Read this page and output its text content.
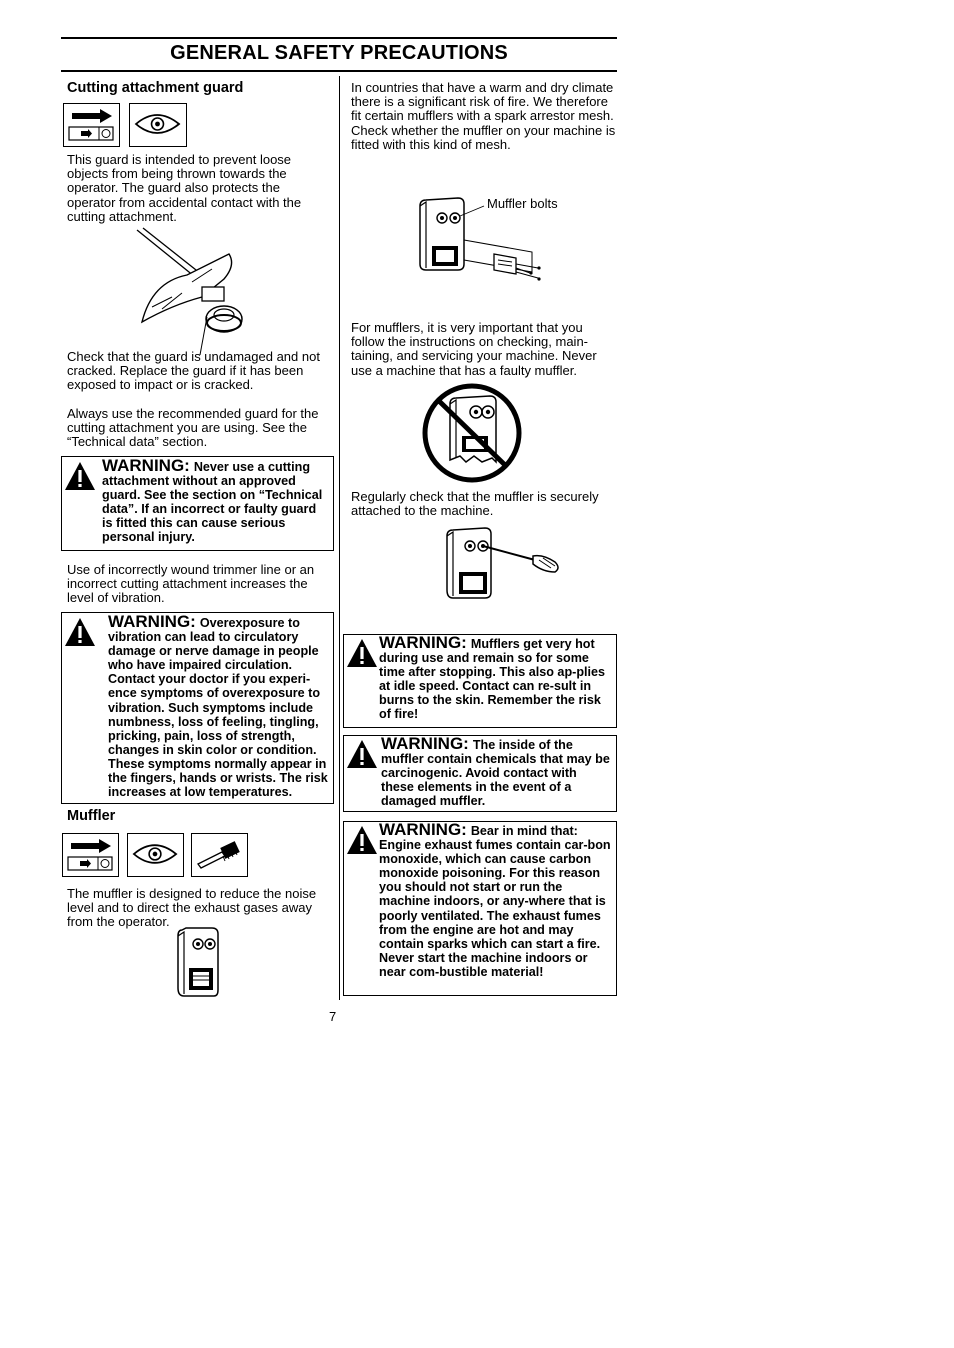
GENERAL SAFETY PRECAUTIONS
Cutting attachment guard
This guard is intended to prevent loose objects from being thrown towards the operator. The guard also protects the operator from accidental contact with the cutting attachment.
Check that the guard is undamaged and not cracked. Replace the guard if it has been exposed to impact or is cracked.
Always use the recommended guard for the cutting attachment you are using. See the “Technical data” section.
WARNING: Never use a cutting attachment without an approved guard. See the section on “Technical data”. If an incorrect or faulty guard is fitted this can cause serious personal injury.
Use of incorrectly wound trimmer line or an incorrect cutting attachment increases the level of vibration.
WARNING: Overexposure to vibration can lead to circulatory damage or nerve damage in people who have impaired circulation. Contact your doctor if you experi-ence symptoms of overexposure to vibration. Such symptoms include numbness, loss of feeling, tingling, pricking, pain, loss of strength, changes in skin color or condition. These symptoms normally appear in the fingers, hands or wrists. The risk increases at low temperatures.
Muffler
The muffler is designed to reduce the noise level and to direct the exhaust gases away from the operator.
In countries that have a warm and dry climate there is a significant risk of fire. We therefore fit certain mufflers with a spark arrestor mesh. Check whether the muffler on your machine is fitted with this kind of mesh.
Muffler bolts
For mufflers, it is very important that you follow the instructions on checking, main-taining, and servicing your machine. Never use a machine that has a faulty muffler.
Regularly check that the muffler is securely attached to the machine.
WARNING: Mufflers get very hot during use and remain so for some time after stopping. This also ap-plies at idle speed. Contact can re-sult in burns to the skin. Remember the risk of fire!
WARNING: The inside of the muffler contain chemicals that may be carcinogenic. Avoid contact with these elements in the event of a damaged muffler.
WARNING: Bear in mind that: Engine exhaust fumes contain car-bon monoxide, which can cause carbon monoxide poisoning. For this reason you should not start or run the machine indoors, or any-where that is poorly ventilated. The exhaust fumes from the engine are hot and may contain sparks which can start a fire. Never start the machine indoors or near com-bustible material!
7
